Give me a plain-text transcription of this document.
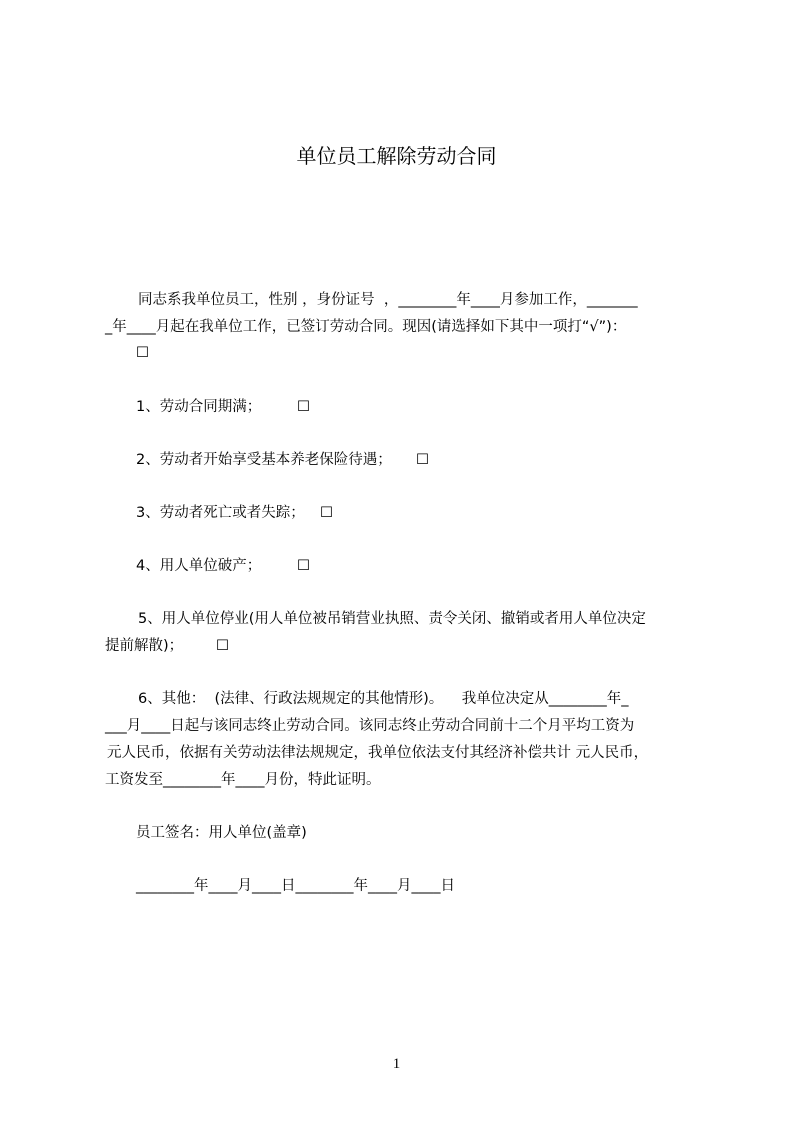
单位员工解除劳动合同
同志系我单位员工，性别 ，身份证号  ，________年____月参加工作，_______
_年____月起在我单位工作，已签订劳动合同。现因(请选择如下其中一项打“√”)：
☐
1、劳动合同期满； ☐
2、劳动者开始享受基本养老保险待遇； ☐
3、劳动者死亡或者失踪； ☐
4、用人单位破产； ☐
5、用人单位停业(用人单位被吊销营业执照、责令关闭、撤销或者用人单位决定
提前解散)； ☐
6、其他：  (法律、行政法规规定的其他情形)。    我单位决定从________年_
___月____日起与该同志终止劳动合同。该同志终止劳动合同前十二个月平均工资为
元人民币，依据有关劳动法律法规规定，我单位依法支付其经济补偿共计 元人民币，
工资发至________年____月份，特此证明。
员工签名：用人单位(盖章)
________年____月____日________年____月____日
1
